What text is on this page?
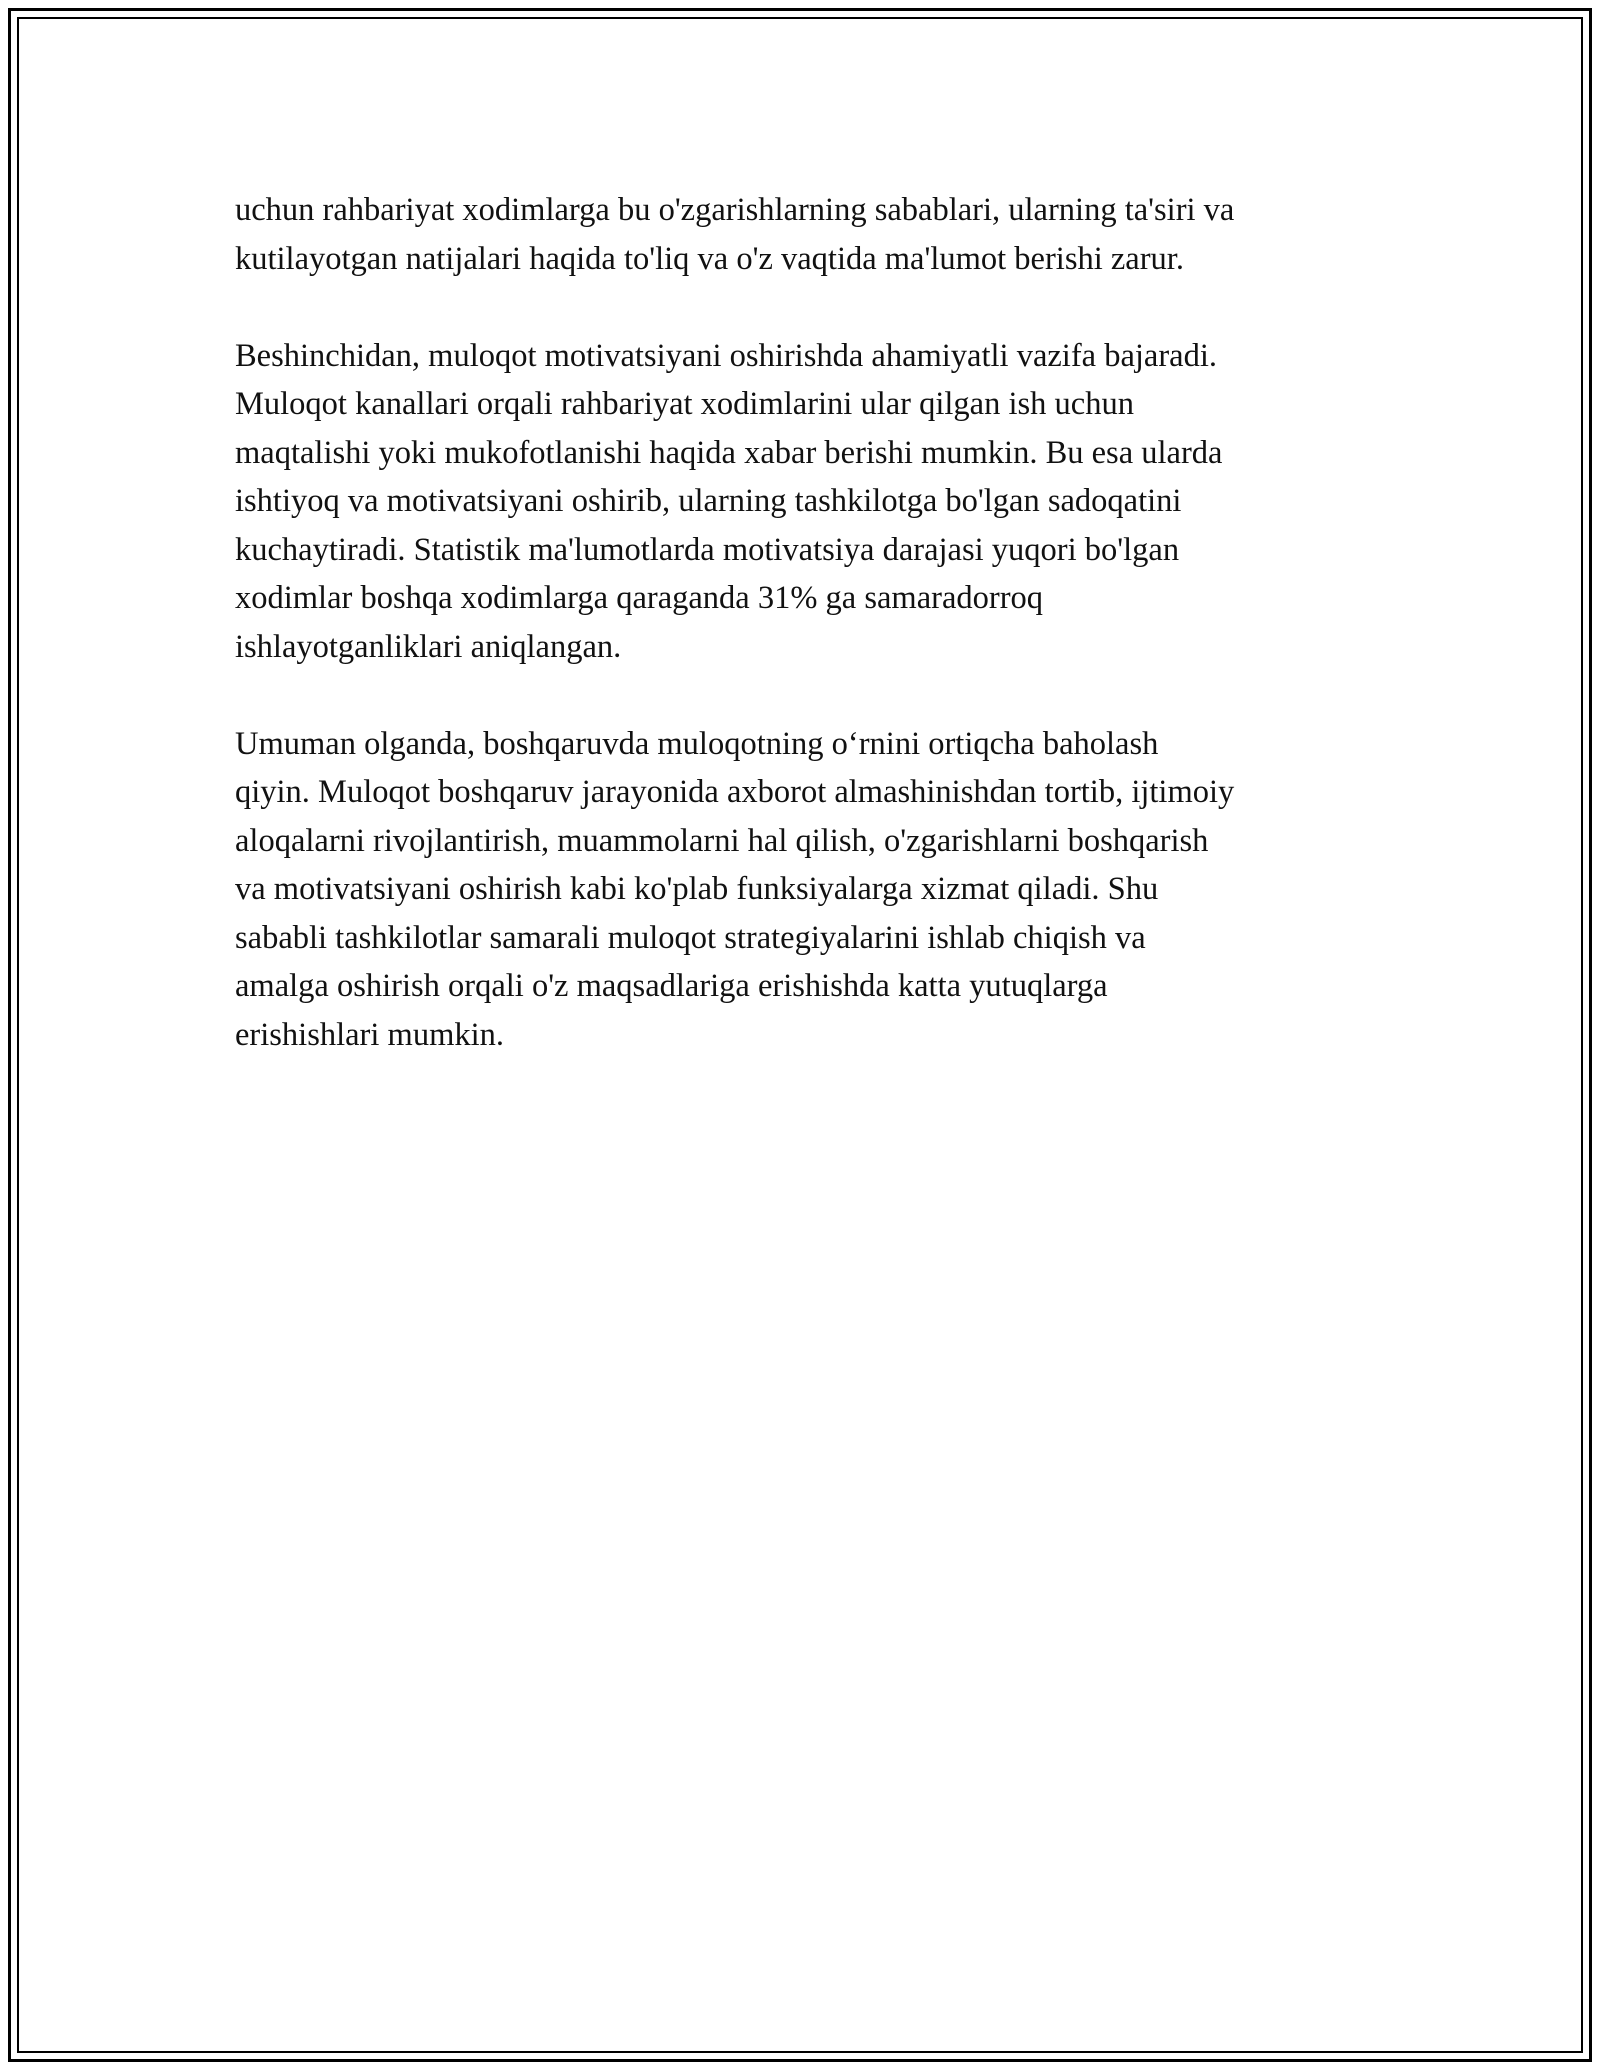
uchun rahbariyat xodimlarga bu o'zgarishlarning sabablari, ularning ta'siri va
kutilayotgan natijalari haqida to'liq va o'z vaqtida ma'lumot berishi zarur.

Beshinchidan, muloqot motivatsiyani oshirishda ahamiyatli vazifa bajaradi.
Muloqot kanallari orqali rahbariyat xodimlarini ular qilgan ish uchun
maqtalishi yoki mukofotlanishi haqida xabar berishi mumkin. Bu esa ularda
ishtiyoq va motivatsiyani oshirib, ularning tashkilotga bo'lgan sadoqatini
kuchaytiradi. Statistik ma'lumotlarda motivatsiya darajasi yuqori bo'lgan
xodimlar boshqa xodimlarga qaraganda 31% ga samaradorroq
ishlayotganliklari aniqlangan.

Umuman olganda, boshqaruvda muloqotning o‘rnini ortiqcha baholash
qiyin. Muloqot boshqaruv jarayonida axborot almashinishdan tortib, ijtimoiy
aloqalarni rivojlantirish, muammolarni hal qilish, o'zgarishlarni boshqarish
va motivatsiyani oshirish kabi ko'plab funksiyalarga xizmat qiladi. Shu
sababli tashkilotlar samarali muloqot strategiyalarini ishlab chiqish va
amalga oshirish orqali o'z maqsadlariga erishishda katta yutuqlarga
erishishlari mumkin.
